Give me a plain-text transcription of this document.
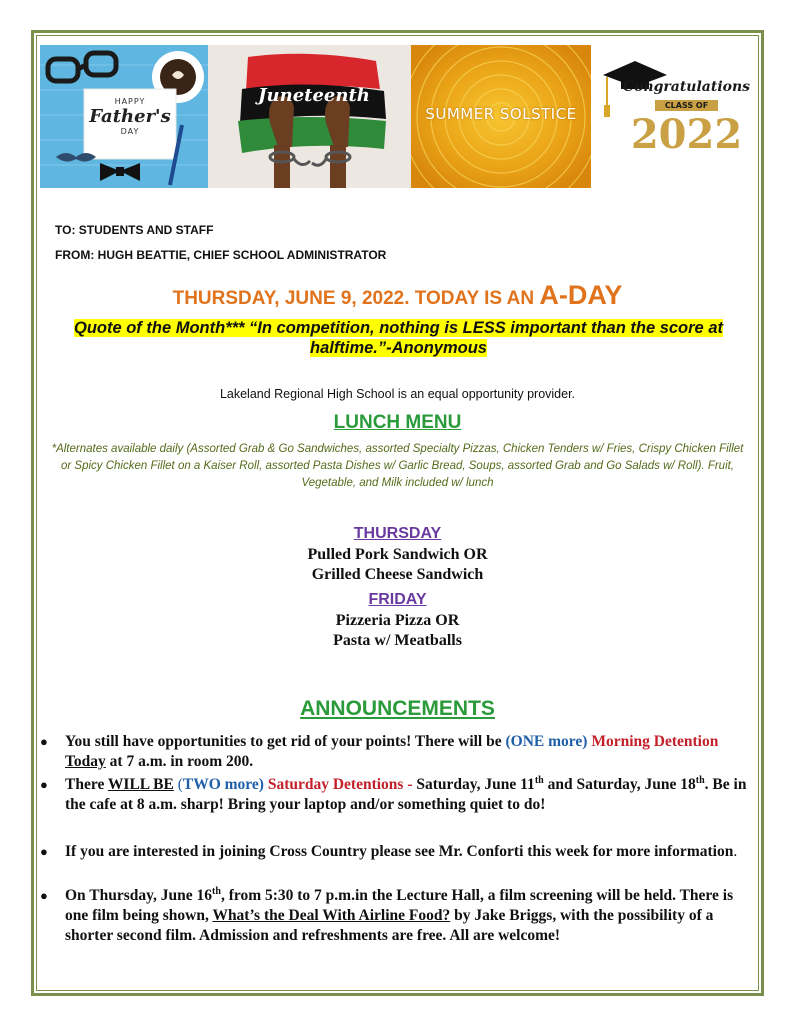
HAPPY
Father's
DAY
Juneteenth
SUMMER SOLSTICE
Congratulations
CLASS OF
2022
TO: STUDENTS AND STAFF
FROM: HUGH BEATTIE, CHIEF SCHOOL ADMINISTRATOR
THURSDAY, JUNE 9, 2022. TODAY IS AN A-DAY
Quote of the Month*** “In competition, nothing is LESS important than the score at halftime.”-Anonymous
Lakeland Regional High School is an equal opportunity provider.
LUNCH MENU
*Alternates available daily (Assorted Grab & Go Sandwiches, assorted Specialty Pizzas, Chicken Tenders w/ Fries, Crispy Chicken Fillet or Spicy Chicken Fillet on a Kaiser Roll, assorted Pasta Dishes w/ Garlic Bread, Soups, assorted Grab and Go Salads w/ Roll). Fruit, Vegetable, and Milk included w/ lunch
THURSDAY
Pulled Pork Sandwich OR
Grilled Cheese Sandwich
FRIDAY
Pizzeria Pizza OR
Pasta w/ Meatballs
ANNOUNCEMENTS
●	You still have opportunities to get rid of your points! There will be (ONE more) Morning Detention Today at 7 a.m. in room 200.
●	There WILL BE (TWO more) Saturday Detentions - Saturday, June 11th and Saturday, June 18th. Be in the cafe at 8 a.m. sharp! Bring your laptop and/or something quiet to do!
●	If you are interested in joining Cross Country please see Mr. Conforti this week for more information.
●	On Thursday, June 16th, from 5:30 to 7 p.m.in the Lecture Hall, a film screening will be held. There is one film being shown, What’s the Deal With Airline Food? by Jake Briggs, with the possibility of a shorter second film. Admission and refreshments are free. All are welcome!
